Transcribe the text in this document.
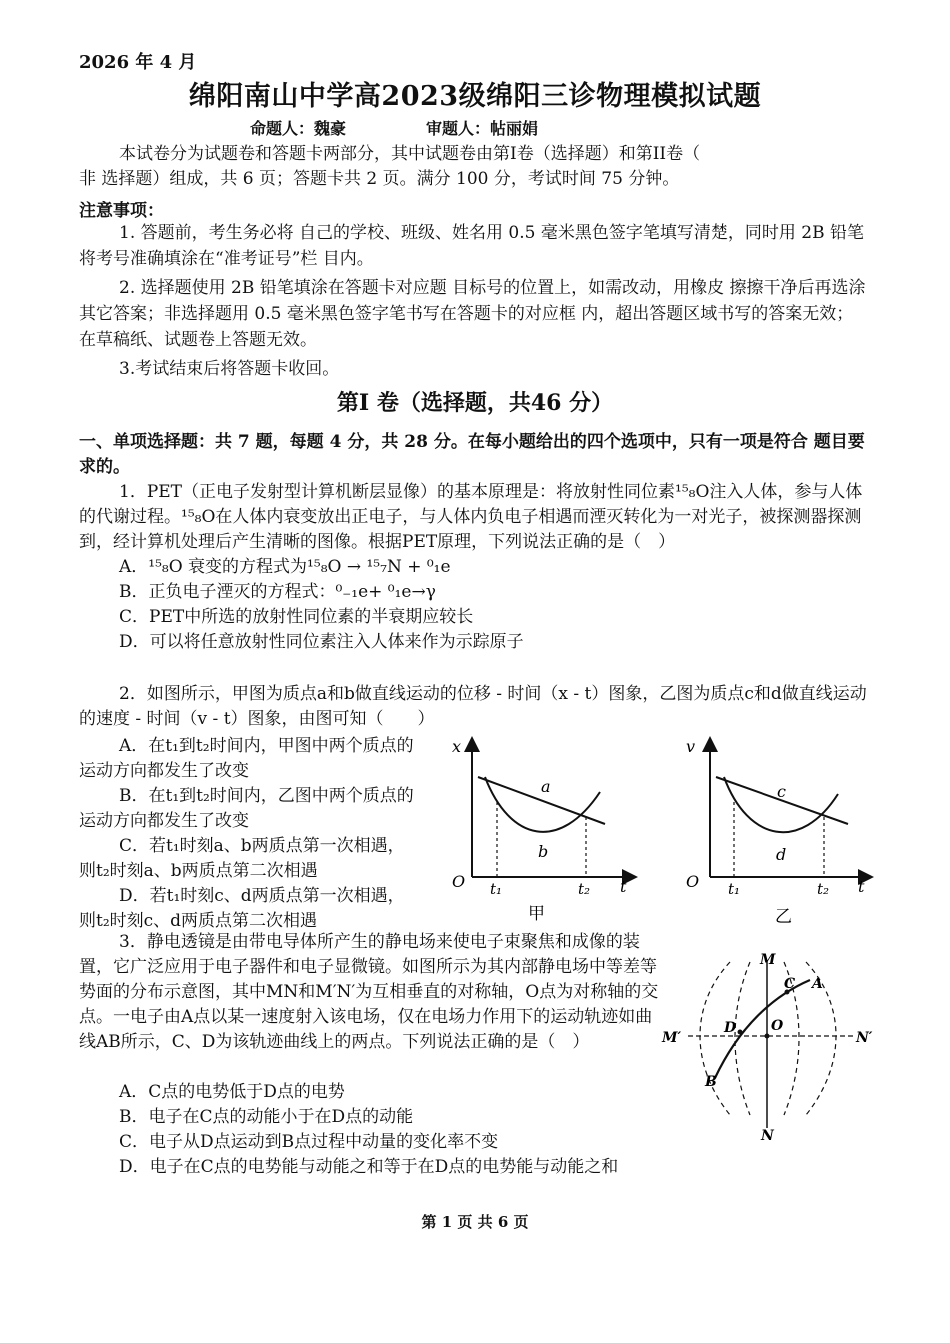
2026 年 4 月
绵阳南山中学高2023级绵阳三诊物理模拟试题
命题人：魏豪	审题人：帖丽娟
本试卷分为试题卷和答题卡两部分，其中试题卷由第I卷（选择题）和第II卷（
非 选择题）组成，共 6 页；答题卡共 2 页。满分 100 分，考试时间 75 分钟。
注意事项：

1. 答题前，考生务必将 自己的学校、班级、姓名用 0.5 毫米黑色签字笔填写清楚，同时用 2B 铅笔将考号准确填涂在“准考证号”栏 目内。

2. 选择题使用 2B 铅笔填涂在答题卡对应题 目标号的位置上，如需改动，用橡皮 擦擦干净后再选涂其它答案；非选择题用 0.5 毫米黑色签字笔书写在答题卡的对应框 内，超出答题区域书写的答案无效；在草稿纸、试题卷上答题无效。

3.考试结束后将答题卡收回。

第I 卷（选择题，共46 分）
一、单项选择题：共 7 题，每题 4 分，共 28 分。在每小题给出的四个选项中，只有一项是符合 题目要求的。

1．PET（正电子发射型计算机断层显像）的基本原理是：将放射性同位素¹⁵₈O注入人体，参与人体的代谢过程。¹⁵₈O在人体内衰变放出正电子，与人体内负电子相遇而湮灭转化为一对光子，被探测器探测到，经计算机处理后产生清晰的图像。根据PET原理，下列说法正确的是（　）

A．¹⁵₈O 衰变的方程式为¹⁵₈O → ¹⁵₇N + ⁰₁e

B．正负电子湮灭的方程式：⁰₋₁e+ ⁰₁e→γ

C．PET中所选的放射性同位素的半衰期应较长

D．可以将任意放射性同位素注入人体来作为示踪原子

2．如图所示，甲图为质点a和b做直线运动的位移 - 时间（x - t）图象，乙图为质点c和d做直线运动的速度 - 时间（v - t）图象，由图可知（　　）

A．在t₁到t₂时间内，甲图中两个质点的运动方向都发生了改变

B．在t₁到t₂时间内，乙图中两个质点的运动方向都发生了改变

C．若t₁时刻a、b两质点第一次相遇，则t₂时刻a、b两质点第二次相遇

D．若t₁时刻c、d两质点第一次相遇，则t₂时刻c、d两质点第二次相遇

x
t
O t₁	t₂
a
b
甲
v
t
O t₁	t₂
c
d
乙

3．静电透镜是由带电导体所产生的静电场来使电子束聚焦和成像的装置，它广泛应用于电子器件和电子显微镜。如图所示为其内部静电场中等差等势面的分布示意图，其中MN和M′N′为互相垂直的对称轴，O点为对称轴的交点。一电子由A点以某一速度射入该电场，仅在电场力作用下的运动轨迹如曲线AB所示，C、D为该轨迹曲线上的两点。下列说法正确的是（　）

A．C点的电势低于D点的电势

B．电子在C点的动能小于在D点的动能

C．电子从D点运动到B点过程中动量的变化率不变

D．电子在C点的电势能与动能之和等于在D点的电势能与动能之和

M
N
M′	N′
O
A
B
C
D
第 1 页 共 6 页
